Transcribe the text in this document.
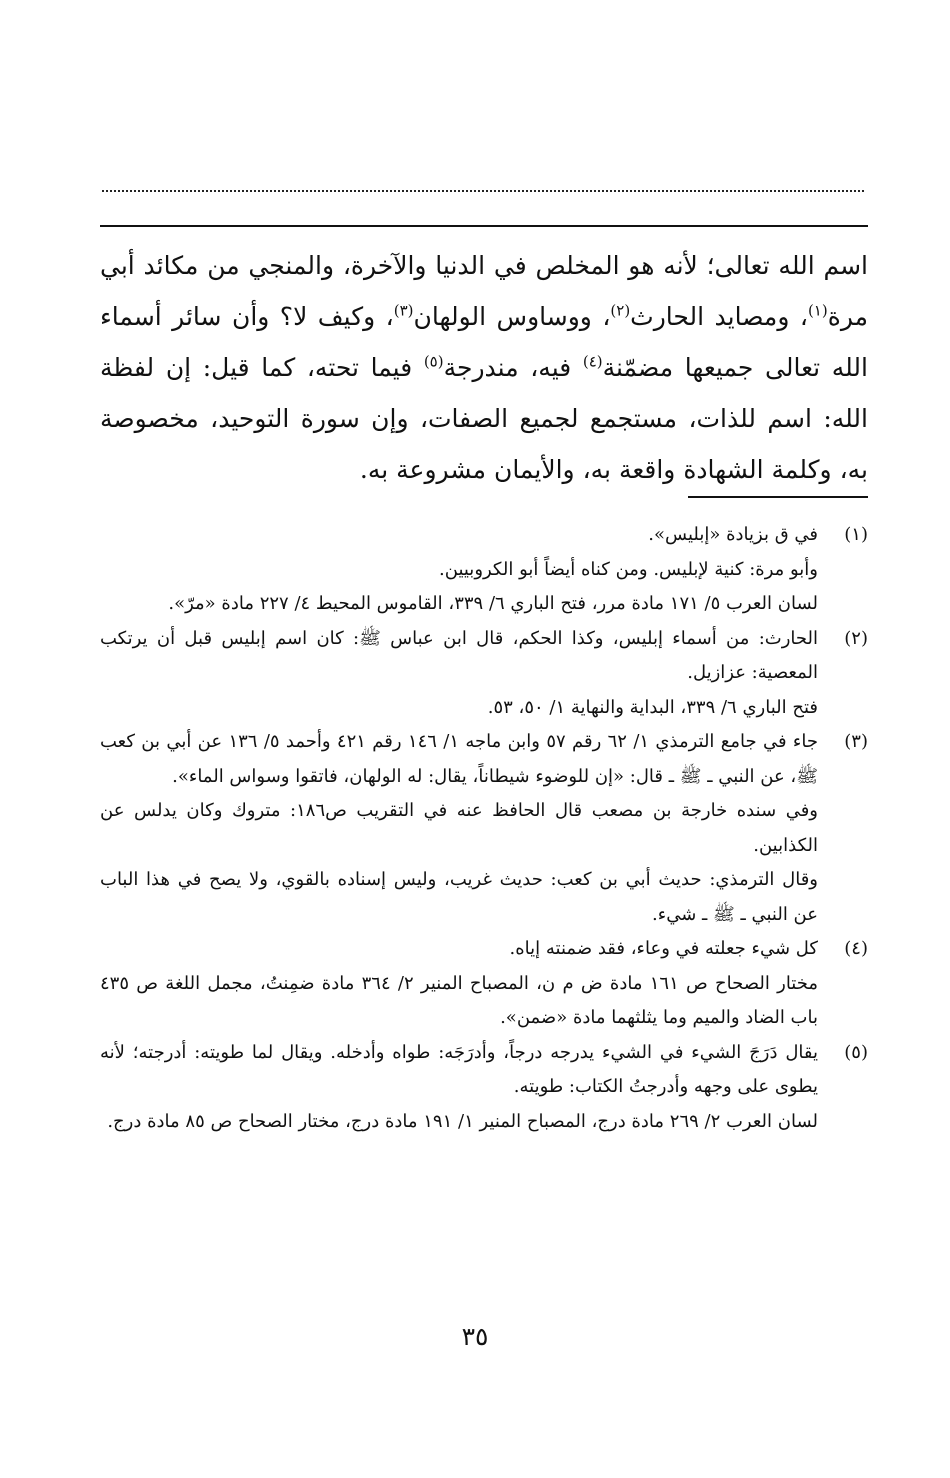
اسم الله تعالى؛ لأنه هو المخلص في الدنيا والآخرة، والمنجي من مكائد أبي مرة$^{(١)}$، ومصايد الحارث$^{(٢)}$، ووساوس الولهان$^{(٣)}$، وكيف لا؟ وأن سائر أسماء الله تعالى جميعها مضمّنة$^{(٤)}$ فيه، مندرجة$^{(٥)}$ فيما تحته، كما قيل: إن لفظة الله: اسم للذات، مستجمع لجميع الصفات، وإن سورة التوحيد، مخصوصة به، وكلمة الشهادة واقعة به، والأيمان مشروعة به.

(١)

في ق بزيادة «إبليس».

وأبو مرة: كنية لإبليس. ومن كناه أيضاً أبو الكروبيين.

لسان العرب ٥/ ١٧١ مادة مرر، فتح الباري ٦/ ٣٣٩، القاموس المحيط ٤/ ٢٢٧ مادة «مرّ».

(٢)

الحارث: من أسماء إبليس، وكذا الحكم، قال ابن عباس ﷺ: كان اسم إبليس قبل أن يرتكب المعصية: عزازيل.

فتح الباري ٦/ ٣٣٩، البداية والنهاية ١/ ٥٠، ٥٣.

(٣)

جاء في جامع الترمذي ١/ ٦٢ رقم ٥٧ وابن ماجه ١/ ١٤٦ رقم ٤٢١ وأحمد ٥/ ١٣٦ عن أبي بن كعب ﷺ، عن النبي ـ ﷺ ـ قال: «إن للوضوء شيطاناً، يقال: له الولهان، فاتقوا وسواس الماء».

وفي سنده خارجة بن مصعب قال الحافظ عنه في التقريب ص١٨٦: متروك وكان يدلس عن الكذابين.

وقال الترمذي: حديث أبي بن كعب: حديث غريب، وليس إسناده بالقوي، ولا يصح في هذا الباب عن النبي ـ ﷺ ـ شيء.

(٤)

كل شيء جعلته في وعاء، فقد ضمنته إياه.

مختار الصحاح ص ١٦١ مادة ض م ن، المصباح المنير ٢/ ٣٦٤ مادة ضمِنتُ، مجمل اللغة ص ٤٣٥ باب الضاد والميم وما يثلثهما مادة «ضمن».

(٥)

يقال دَرَجَ الشيء في الشيء يدرجه درجاً، وأدرَجَه: طواه وأدخله. ويقال لما طويته: أدرجته؛ لأنه يطوى على وجهه وأدرجتُ الكتاب: طويته.

لسان العرب ٢/ ٢٦٩ مادة درج، المصباح المنير ١/ ١٩١ مادة درج، مختار الصحاح ص ٨٥ مادة درج.

٣٥
